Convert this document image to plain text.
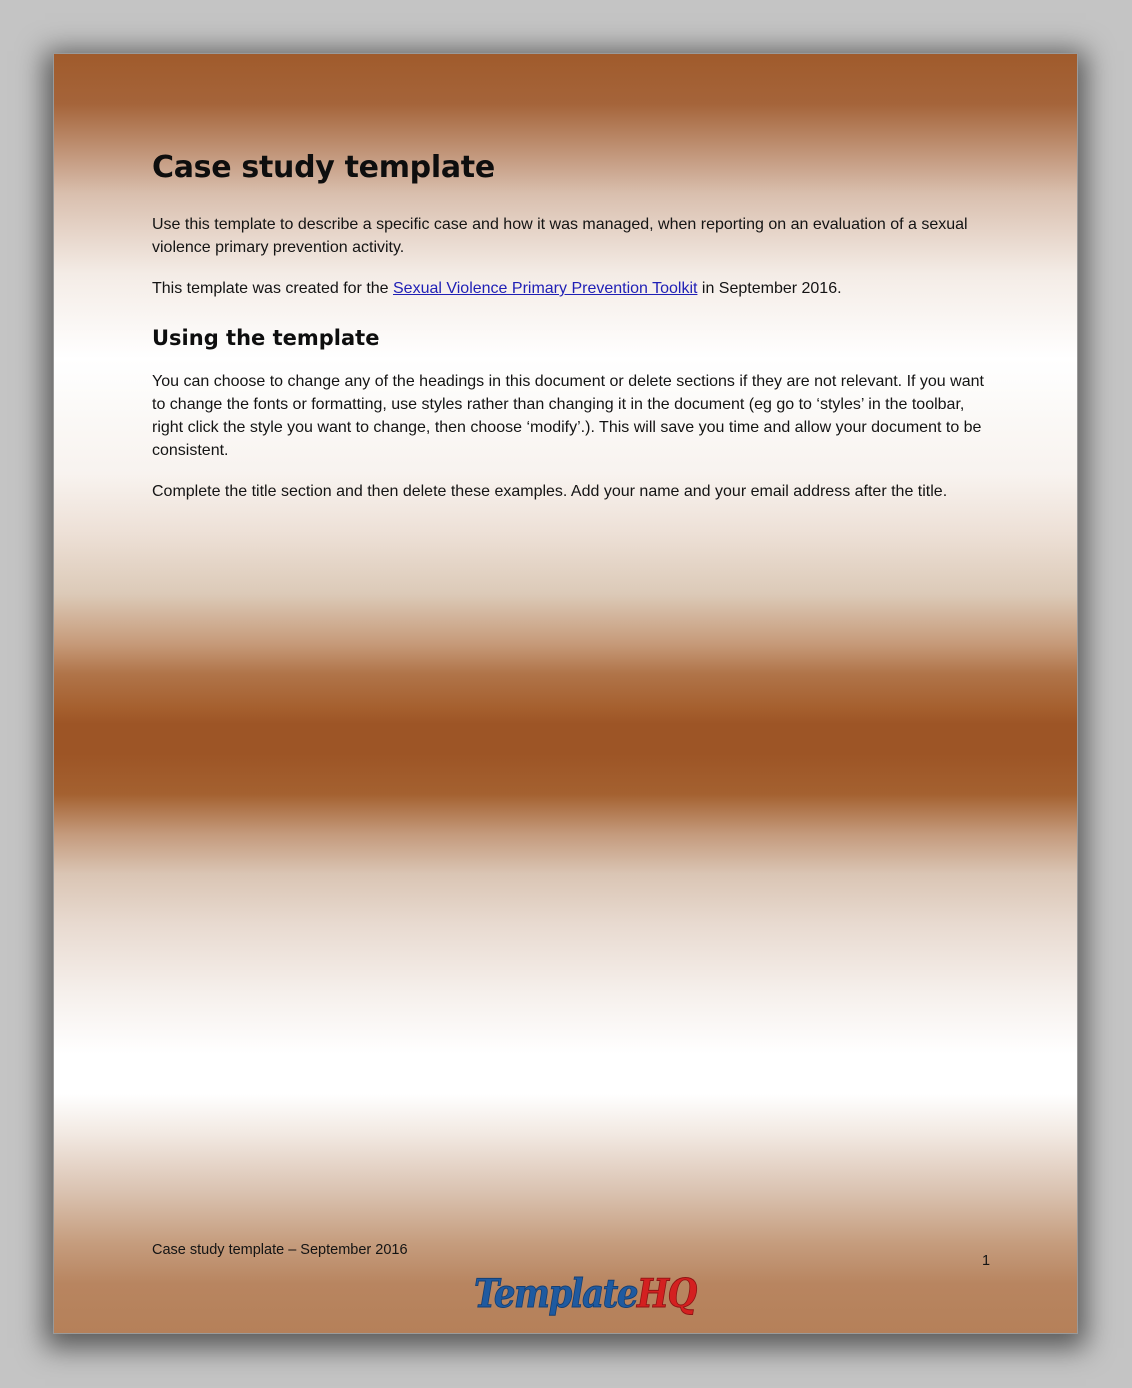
Case study template

Use this template to describe a specific case and how it was managed, when reporting on an evaluation of a sexual violence primary prevention activity.

This template was created for the Sexual Violence Primary Prevention Toolkit in September 2016.

Using the template

You can choose to change any of the headings in this document or delete sections if they are not relevant. If you want to change the fonts or formatting, use styles rather than changing it in the document (eg go to ‘styles’ in the toolbar, right click the style you want to change, then choose ‘modify’.). This will save you time and allow your document to be consistent.

Complete the title section and then delete these examples. Add your name and your email address after the title.

Case study template – September 2016
1
TemplateHQ
